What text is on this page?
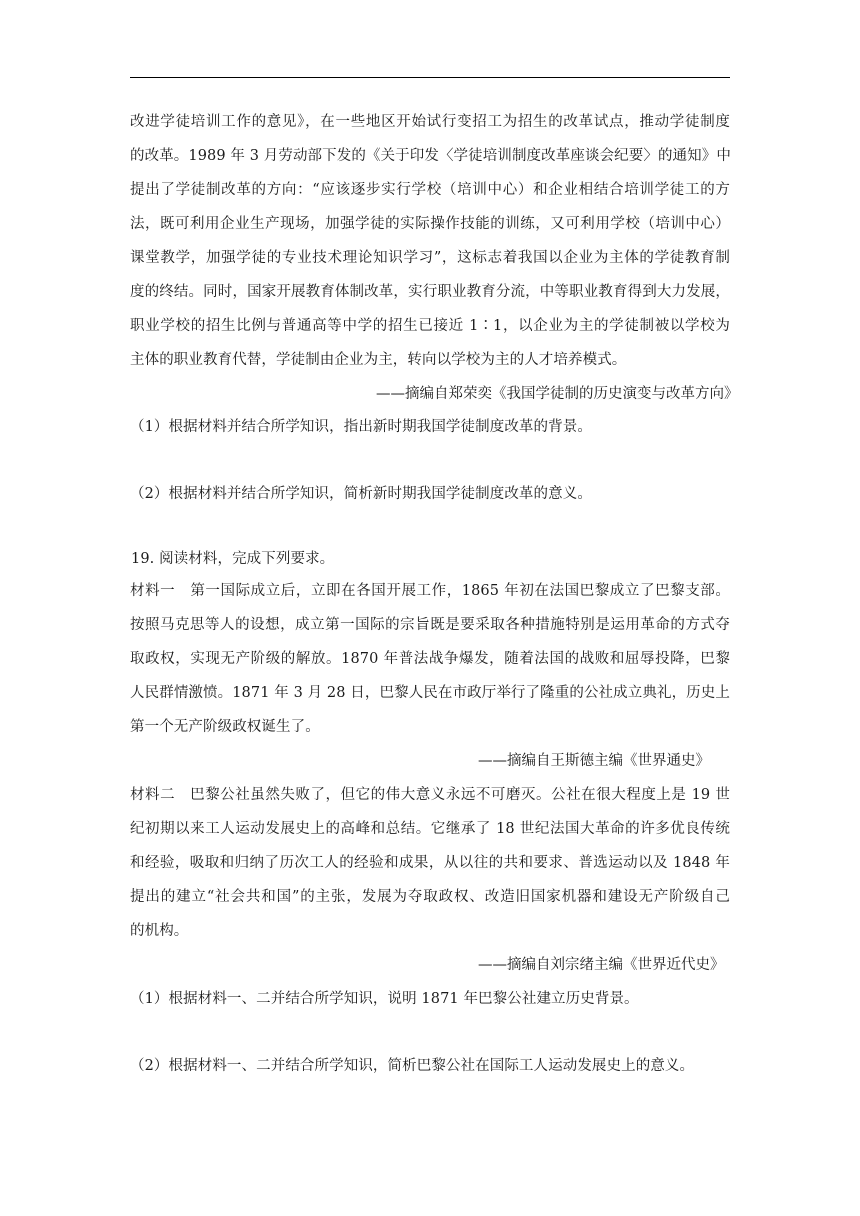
改进学徒培训工作的意见》，在一些地区开始试行变招工为招生的改革试点，推动学徒制度
的改革。1989 年 3 月劳动部下发的《关于印发〈学徒培训制度改革座谈会纪要〉的通知》中
提出了学徒制改革的方向：“应该逐步实行学校（培训中心）和企业相结合培训学徒工的方
法，既可利用企业生产现场，加强学徒的实际操作技能的训练，又可利用学校（培训中心）
课堂教学，加强学徒的专业技术理论知识学习”，这标志着我国以企业为主体的学徒教育制
度的终结。同时，国家开展教育体制改革，实行职业教育分流，中等职业教育得到大力发展，
职业学校的招生比例与普通高等中学的招生已接近 1∶1，以企业为主的学徒制被以学校为
主体的职业教育代替，学徒制由企业为主，转向以学校为主的人才培养模式。
——摘编自郑荣奕《我国学徒制的历史演变与改革方向》
（1）根据材料并结合所学知识，指出新时期我国学徒制度改革的背景。
（2）根据材料并结合所学知识，简析新时期我国学徒制度改革的意义。
19. 阅读材料，完成下列要求。
材料一　第一国际成立后，立即在各国开展工作，1865 年初在法国巴黎成立了巴黎支部。
按照马克思等人的设想，成立第一国际的宗旨既是要采取各种措施特别是运用革命的方式夺
取政权，实现无产阶级的解放。1870 年普法战争爆发，随着法国的战败和屈辱投降，巴黎
人民群情激愤。1871 年 3 月 28 日，巴黎人民在市政厅举行了隆重的公社成立典礼，历史上
第一个无产阶级政权诞生了。
——摘编自王斯德主编《世界通史》
材料二　巴黎公社虽然失败了，但它的伟大意义永远不可磨灭。公社在很大程度上是 19 世
纪初期以来工人运动发展史上的高峰和总结。它继承了 18 世纪法国大革命的许多优良传统
和经验，吸取和归纳了历次工人的经验和成果，从以往的共和要求、普选运动以及 1848 年
提出的建立“社会共和国”的主张，发展为夺取政权、改造旧国家机器和建设无产阶级自己
的机构。
——摘编自刘宗绪主编《世界近代史》
（1）根据材料一、二并结合所学知识，说明 1871 年巴黎公社建立历史背景。
（2）根据材料一、二并结合所学知识，简析巴黎公社在国际工人运动发展史上的意义。
